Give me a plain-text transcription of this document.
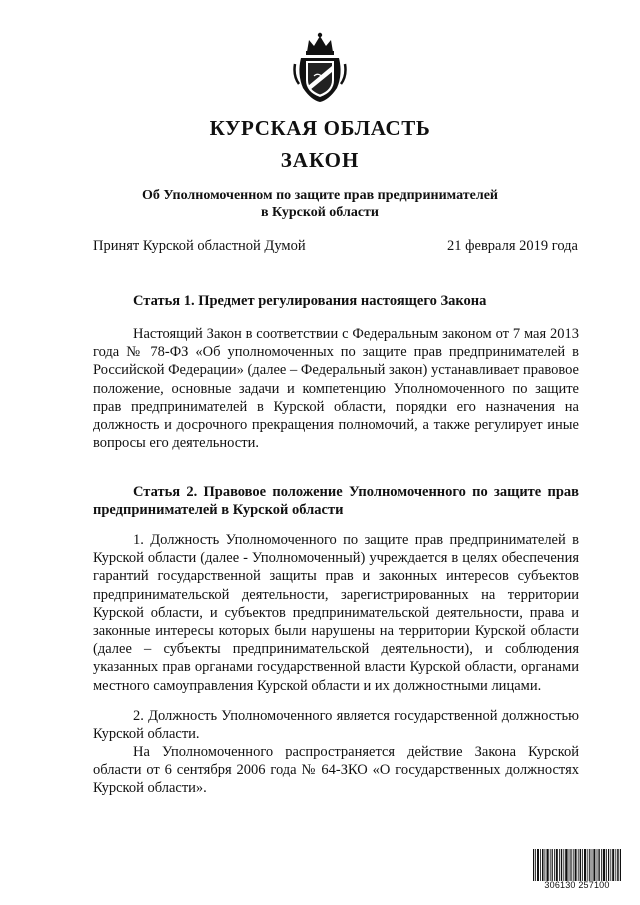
КУРСКАЯ ОБЛАСТЬ
ЗАКОН
Об Уполномоченном по защите прав предпринимателей
в Курской области
Принят Курской областной Думой	21 февраля 2019 года
Статья 1. Предмет регулирования настоящего Закона

Настоящий Закон в соответствии с Федеральным законом от 7 мая 2013 года № 78-ФЗ «Об уполномоченных по защите прав предпринимателей в Российской Федерации» (далее – Федеральный закон) устанавливает правовое положение, основные задачи и компетенцию Уполномоченного по защите прав предпринимателей в Курской области, порядки его назначения на должность и досрочного прекращения полномочий, а также регулирует иные вопросы его деятельности.

Статья 2. Правовое положение Уполномоченного по защите прав предпринимателей в Курской области

1. Должность Уполномоченного по защите прав предпринимателей в Курской области (далее - Уполномоченный) учреждается в целях обеспечения гарантий государственной защиты прав и законных интересов субъектов предпринимательской деятельности, зарегистрированных на территории Курской области, и субъектов предпринимательской деятельности, права и законные интересы которых были нарушены на территории Курской области (далее – субъекты предпринимательской деятельности), и соблюдения указанных прав органами государственной власти Курской области, органами местного самоуправления Курской области и их должностными лицами.

2. Должность Уполномоченного является государственной должностью Курской области.

На Уполномоченного распространяется действие Закона Курской области от 6 сентября 2006 года № 64-ЗКО «О государственных должностях Курской области».

306130 257100
